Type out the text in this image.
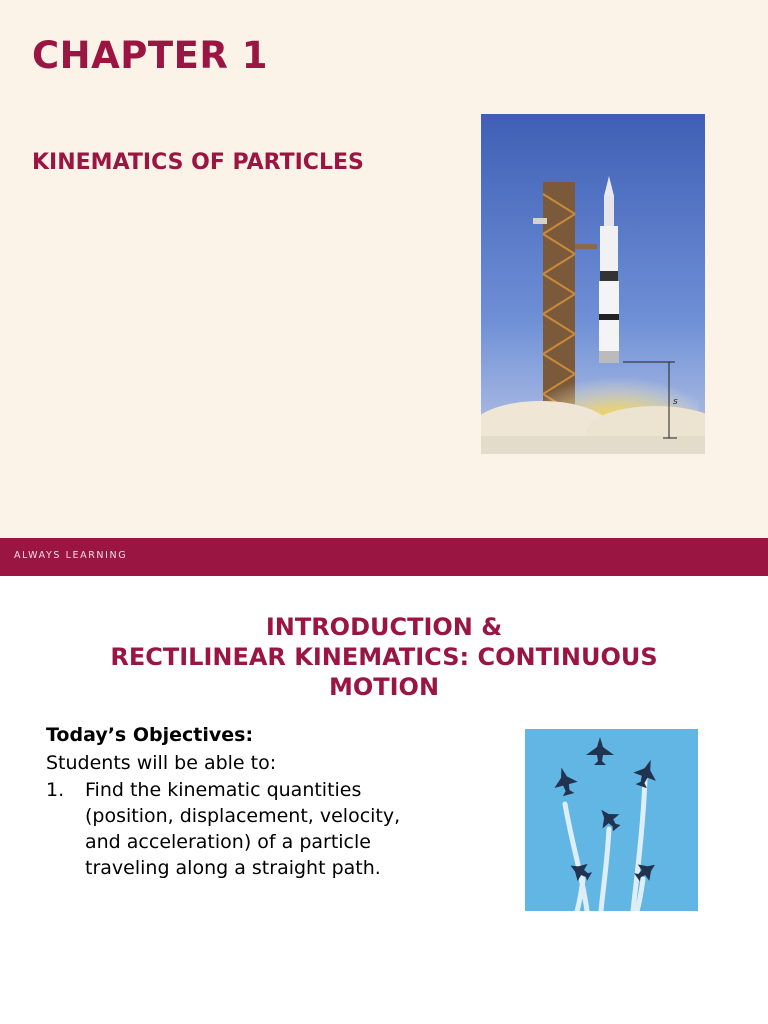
CHAPTER 1
KINEMATICS OF PARTICLES
s
ALWAYS LEARNING
INTRODUCTION &
RECTILINEAR KINEMATICS: CONTINUOUS
MOTION
Today’s Objectives:
Students will be able to:
1. Find the kinematic quantities
(position, displacement, velocity,
and acceleration) of a particle
traveling along a straight path.
